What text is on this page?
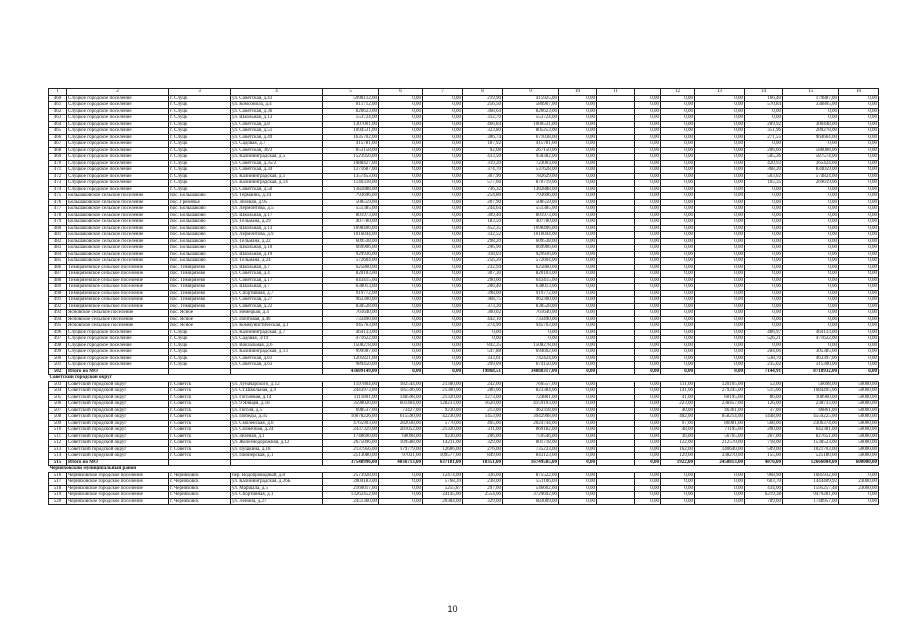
1	2	3	4	5	6	7	8	9	10	11		12	13	14	15	16
460	Слуцкое городское поселение	г. Слуцк	ул. Советская, д.43	5998112,00	0,00	0,00	219,90	415925,00	0,00		0,00	0,00	0,00	166,40	179887,00	0,00
461	Слуцкое городское поселение	г. Слуцк	ул. Комсомола, д.4	811712,00	0,00	0,00	256,50	580907,00	0,00		0,00	0,00	0,00	570,84	338805,00	0,00
462	Слуцкое городское поселение	г. Слуцк	ул. Советская, д.36	820623,00	0,00	0,00	368,64	820623,00	0,00		0,00	0,00	0,00	0,00	0,00	0,00
463	Слуцкое городское поселение	г. Слуцк	ул. Школьная, д.13	553724,00	0,00	0,00	312,70	553724,00	0,00		0,00	0,00	0,00	0,00	0,00	0,00
464	Слуцкое городское поселение	г. Слуцк	ул. Советская, д.8	1307001,00	0,00	0,00	466,84	1006531,00	0,00		0,00	0,00	0,00	289,92	300448,00	0,00
465	Слуцкое городское поселение	г. Слуцк	ул. Советская, д.51	1094531,00	0,00	0,00	323,80	805253,00	0,00		0,00	0,00	0,00	351,96	289278,00	0,00
466	Слуцкое городское поселение	г. Слуцк	ул. Советская, д.49	1635702,00	0,00	0,00	306,74	671038,00	0,00		0,00	0,00	0,00	271,55	964664,00	0,00
467	Слуцкое городское поселение	г. Слуцк	ул. Садовая, д.7	415781,00	0,00	0,00	187,92	415781,00	0,00		0,00	0,00	0,00	0,00	0,00	0,00
468	Слуцкое городское поселение	г. Слуцк	ул. Советская, 36/2	853158,00	0,00	0,00	92,08	267150,00	0,00		0,00	0,00	0,00	206,60	586008,00	0,00
469	Слуцкое городское поселение	г. Слуцк	ул. Калининградская, д.5	1523956,00	0,00	0,00	433,50	958382,00	0,00		0,00	0,00	0,00	505,36	587574,00	0,00
470	Слуцкое городское поселение	г. Слуцк	ул. Советская, д.35/2	1088427,00	0,00	0,00	319,20	723003,00	0,00		0,00	0,00	0,00	420,93	365424,00	0,00
471	Слуцкое городское поселение	г. Слуцк	ул. Советская, д.34	1371687,00	0,00	0,00	374,70	537628,00	0,00		0,00	0,00	0,00	368,20	834059,00	0,00
472	Слуцкое городское поселение	г. Слуцк	ул. Калининградская, д.1	1357453,00	0,00	0,00	307,90	782629,00	0,00		0,00	0,00	0,00	503,02	574824,00	0,00
473	Слуцкое городское поселение	г. Слуцк	ул. Калининградская, д.14	1140318,00	0,00	0,00	577,60	870719,00	0,00		0,00	0,00	0,00	105,35	269619,00	0,00
474	Слуцкое городское поселение	г. Слуцк	ул. Советская, д.50	1382888,00	0,00	0,00	736,32	1382888,00	0,00		0,00	0,00	0,00	0,00	0,00	0,00
475	Большаковское сельское поселение	пос. Большаково	ул. Терманна, д.34	793696,00	0,00	0,00	254,80	793696,00	0,00		0,00	0,00	0,00	0,00	0,00	0,00
476	Большаковское сельское поселение	пос. Гремячье	ул. Зеленая, д.95	508559,00	0,00	0,00	207,90	508559,00	0,00		0,00	0,00	0,00	0,00	0,00	0,00
477	Большаковское сельское поселение	пос. Большаково	ул. Лермонтова, д.5	551385,00	0,00	0,00	244,64	551385,00	0,00		0,00	0,00	0,00	0,00	0,00	0,00
478	Большаковское сельское поселение	пос. Большаково	ул. Школьная, д.17	801973,00	0,00	0,00	309,40	801973,00	0,00		0,00	0,00	0,00	0,00	0,00	0,00
479	Большаковское сельское поселение	пос. Большаково	ул. Тельмана, д.29	407780,00	0,00	0,00	183,50	407780,00	0,00		0,00	0,00	0,00	0,00	0,00	0,00
480	Большаковское сельское поселение	пос. Большаково	ул. Школьная, д.13	1098406,00	0,00	0,00	452,35	1098406,00	0,00		0,00	0,00	0,00	0,00	0,00	0,00
481	Большаковское сельское поселение	пос. Большаково	ул. Лермонтова, д.9	1016044,00	0,00	0,00	332,52	1016044,00	0,00		0,00	0,00	0,00	0,00	0,00	0,00
482	Большаковское сельское поселение	пос. Большаково	ул. Тельмана, д.22	609538,00	0,00	0,00	298,20	609538,00	0,00		0,00	0,00	0,00	0,00	0,00	0,00
483	Большаковское сельское поселение	пос. Большаково	ул. Школьная, д.10	669906,00	0,00	0,00	296,90	669906,00	0,00		0,00	0,00	0,00	0,00	0,00	0,00
484	Большаковское сельское поселение	пос. Большаково	ул. Школьная, д.19	929936,00	0,00	0,00	318,03	929936,00	0,00		0,00	0,00	0,00	0,00	0,00	0,00
485	Большаковское сельское поселение	пос. Большаково	ул. Тельмана, д.24	572604,00	0,00	0,00	256,20	572604,00	0,00		0,00	0,00	0,00	0,00	0,00	0,00
486	Тимирязевское сельское поселение	пос. Тимирязево	ул. Школьная, д.7	625860,00	0,00	0,00	232,94	625860,00	0,00		0,00	0,00	0,00	0,00	0,00	0,00
487	Тимирязевское сельское поселение	пос. Тимирязево	ул. Советская, д.4	820103,00	0,00	0,00	307,30	820103,00	0,00		0,00	0,00	0,00	0,00	0,00	0,00
488	Тимирязевское сельское поселение	пос. Тимирязево	ул. Советская, д.17	643415,00	0,00	0,00	290,00	643415,00	0,00		0,00	0,00	0,00	0,00	0,00	0,00
489	Тимирязевское сельское поселение	пос. Тимирязево	ул. Школьная, д.7	638013,00	0,00	0,00	206,40	638013,00	0,00		0,00	0,00	0,00	0,00	0,00	0,00
490	Тимирязевское сельское поселение	пос. Тимирязево	ул. Спортивная, д.7	919772,00	0,00	0,00	398,00	919772,00	0,00		0,00	0,00	0,00	0,00	0,00	0,00
491	Тимирязевское сельское поселение	пос. Тимирязево	ул. Советская, д.27	962300,00	0,00	0,00	368,75	962300,00	0,00		0,00	0,00	0,00	0,00	0,00	0,00
492	Тимирязевское сельское поселение	пос. Тимирязево	ул. Советская, д.22	838528,00	0,00	0,00	373,30	838528,00	0,00		0,00	0,00	0,00	0,00	0,00	0,00
493	Ясновское сельское поселение	пос. Ясное	ул. Немецкая, д.4	761640,00	0,00	0,00	300,02	761640,00	0,00		0,00	0,00	0,00	0,00	0,00	0,00
494	Ясновское сельское поселение	пос. Ясное	ул. Почтовая, д.46	733490,00	0,00	0,00	442,10	733490,00	0,00		0,00	0,00	0,00	0,00	0,00	0,00
495	Ясновское сельское поселение	пос. Ясное	ул. Коммунистическая, д.1	945763,00	0,00	0,00	274,90	945763,00	0,00		0,00	0,00	0,00	0,00	0,00	0,00
496	Слуцкое городское поселение	г. Слуцк	ул. Калининградская, д.7	464133,00	0,00	0,00	0,00	0,00	0,00		0,00	0,00	0,00	486,97	464133,00	0,00
497	Слуцкое городское поселение	г. Слуцк	ул. Садовая, 3/19	471622,00	0,00	0,00	0,00	0,00	0,00		0,00	0,00	0,00	526,21	471622,00	0,00
498	Слуцкое городское поселение	г. Слуцк	ул. Вокзальная, д.6	1508278,00	0,00	0,00	842,35	1508278,00	0,00		0,00	0,00	0,00	0,00	0,00	0,00
499	Слуцкое городское поселение	г. Слуцк	ул. Калининградская, д.13	999987,00	0,00	0,00	547,88	694602,00	0,00		0,00	0,00	0,00	284,06	305385,00	0,00
500	Слуцкое городское поселение	г. Слуцк	ул. Советская, д.61	1205821,00	0,00	0,00	333,61	742424,00	0,00		0,00	0,00	0,00	538,70	463397,00	0,00
501	Слуцкое городское поселение	г. Слуцк	ул. Советская, д.63	989450,00	0,00	0,00	299,09	674150,00	0,00		0,00	0,00	0,00	235,02	315300,00	0,00
502	Итого по МО			43609149,00	0,00	0,00	19868,51	34888317,00	0,00		0,00	0,00	0,00	7144,91	8718932,00	0,00
Советский городской округ																
503	Советский городской округ	г. Советск	ул. Луначарского, д.12	1197804,00	182544,00	21300,00	242,00	766557,00	0,00		0,00	111,00	120105,00	52,00	56698,00	50000,00
504	Советский городской округ	г. Советск	ул. Ст.Школьная, д.9	2443973,00	185596,00	21300,00	286,00	823384,00	0,00		0,00	141,00	279245,00	515,00	1084495,00	50000,00
505	Советский городской округ	г. Советск	ул. Гоголевая, д.14	1111801,00	148598,00	21320,00	1273,00	724801,00	0,00		0,00	41,00	60195,00	86,00	108960,00	50000,00
506	Советский городской округ	г. Советск	ул. 9 Января, д.18	3598020,00	601404,00	128233,00	1620,00	4159193,00	0,00		0,00	223,00	238457,00	126,00	238733,00	50000,00
507	Советский городской округ	г. Советск	ул. Гоголя, д.5	698537,00	73427,00	9230,00	213,00	462318,00	0,00		0,00	40,00	46361,00	37,00	46861,00	50000,00
508	Советский городской округ	г. Советск	ул. Победы, д.35	10078226,00	615590,00	42230,00	1453,00	3942998,00	0,00		0,00	402,00	858214,00	1448,00	4559225,00	50000,00
509	Советский городской округ	г. Советск	ул. Смоленская, д.6	4765903,00	282038,00	5770,00	495,00	2024744,00	0,00		0,00	97,00	86981,00	568,00	2306374,00	50000,00
510	Советский городской округ	г. Советск	ул. Солнечная, д.24	2437329,00	281052,00	21320,00	311,00	869182,00	0,00		0,00	48,00	71195,00	290,00	642381,00	50000,00
511	Советский городской округ	г. Советск	ул. Зеленая, д.1	1748690,00	68098,00	9230,00	206,00	759546,00	0,00		0,00	36,00	56765,00	267,00	827651,00	50000,00
512	Советский городской округ	г. Советск	ул. Железнодорожная, д.12	2675096,00	109588,00	14211,00	329,00	801718,00	0,00		0,00	122,00	212570,00	718,00	1538523,00	50000,00
513	Советский городской округ	г. Советск	ул. Пушкина, д.18	2137956,00	179779,00	12606,00	276,00	735233,00	0,00		0,00	162,00	140640,00	509,00	1021703,00	50000,00
514	Советский городской округ	г. Советск	ул. Пионерская, д.1	2513080,00	97031,00	109577,00	849,00	843123,00	0,00		0,00	129,00	338270,00	155,00	525180,00	50000,00
515	Итого по МО			37548996,00	4036713,00	637181,00	10351,00	16749505,00	0,00		0,00	1922,00	2458813,00	4876,00	12666004,00	600000,00
Черняховский муниципальный район																
516	Черняховское городское поселение	г. Черняховск	пер. Водопроводный, д.8	2573928,00	0,00	12474,00	336,00	875522,00	0,00		0,00	0,00	0,00	968,90	1685932,00	0,00
517	Черняховское городское поселение	г. Черняховск	ул. Калининградская, д.26Б	2004183,00	0,00	5768,39	238,00	551106,69	0,00		0,00	0,00	0,00	603,70	1444409,92	23000,00
518	Черняховское городское поселение	г. Черняховск	ул. Маршала, д.5	2160017,00	0,00	5255,87	297,00	546602,60	0,00		0,00	0,00	0,00	434,00	1595257,48	23000,00
519	Черняховское городское поселение	г. Черняховск	ул. Спортивная, д.1	13262452,00	0,00	24145,00	2554,00	3729692,00	0,00		0,00	0,00	0,00	6219,38	9479281,00	0,00
520	Черняховское городское поселение	г. Черняховск	ул. Ленина, д.27	2451360,00	0,00	20384,00	329,00	683009,00	0,00		0,00	0,00	0,00	709,60	1748957,00	0,00
10
